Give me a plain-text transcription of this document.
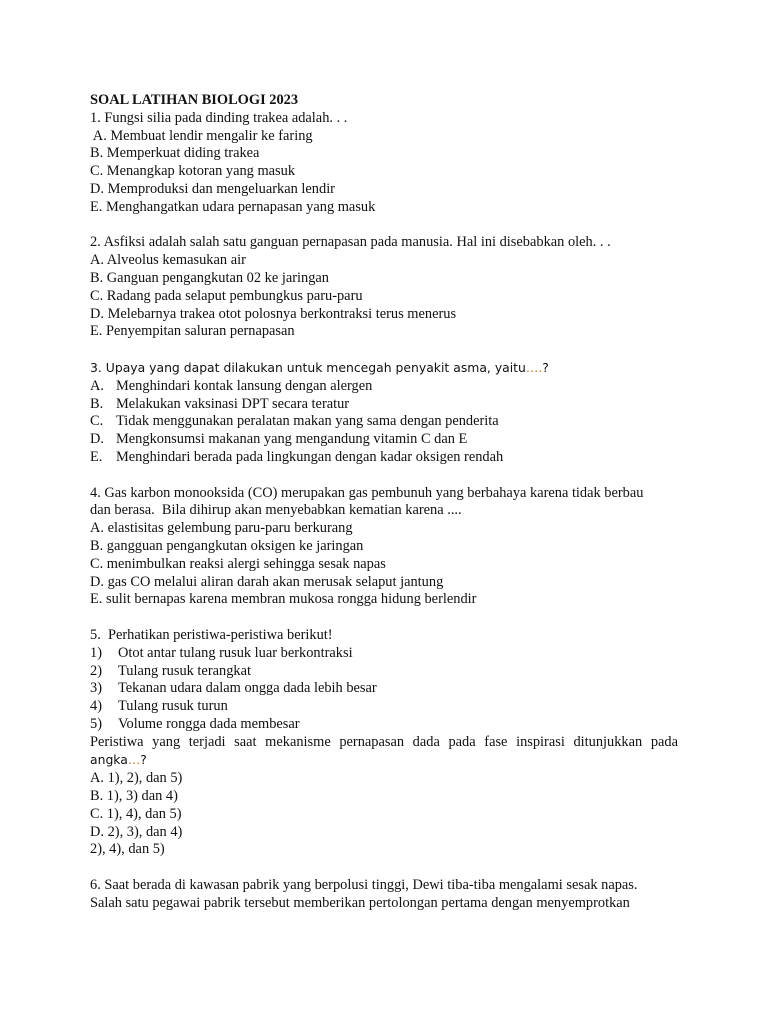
SOAL LATIHAN BIOLOGI 2023
1. Fungsi silia pada dinding trakea adalah. . .
A. Membuat lendir mengalir ke faring
B. Memperkuat diding trakea
C. Menangkap kotoran yang masuk
D. Memproduksi dan mengeluarkan lendir
E. Menghangatkan udara pernapasan yang masuk
2. Asfiksi adalah salah satu ganguan pernapasan pada manusia. Hal ini disebabkan oleh. . .
A. Alveolus kemasukan air
B. Ganguan pengangkutan 02 ke jaringan
C. Radang pada selaput pembungkus paru-paru
D. Melebarnya trakea otot polosnya berkontraksi terus menerus
E. Penyempitan saluran pernapasan
3. Upaya yang dapat dilakukan untuk mencegah penyakit asma, yaitu….?
A. Menghindari kontak lansung dengan alergen
B. Melakukan vaksinasi DPT secara teratur
C. Tidak menggunakan peralatan makan yang sama dengan penderita
D. Mengkonsumsi makanan yang mengandung vitamin C dan E
E. Menghindari berada pada lingkungan dengan kadar oksigen rendah
4. Gas karbon monooksida (CO) merupakan gas pembunuh yang berbahaya karena tidak berbau
dan berasa.  Bila dihirup akan menyebabkan kematian karena ....
A. elastisitas gelembung paru-paru berkurang
B. gangguan pengangkutan oksigen ke jaringan
C. menimbulkan reaksi alergi sehingga sesak napas
D. gas CO melalui aliran darah akan merusak selaput jantung
E. sulit bernapas karena membran mukosa rongga hidung berlendir
5.  Perhatikan peristiwa-peristiwa berikut!
1) Otot antar tulang rusuk luar berkontraksi
2) Tulang rusuk terangkat
3) Tekanan udara dalam ongga dada lebih besar
4) Tulang rusuk turun
5) Volume rongga dada membesar
Peristiwa yang terjadi saat mekanisme pernapasan dada pada fase inspirasi ditunjukkan pada
angka…?
A. 1), 2), dan 5)
B. 1), 3) dan 4)
C. 1), 4), dan 5)
D. 2), 3), dan 4)
2), 4), dan 5)
6. Saat berada di kawasan pabrik yang berpolusi tinggi, Dewi tiba-tiba mengalami sesak napas.
Salah satu pegawai pabrik tersebut memberikan pertolongan pertama dengan menyemprotkan
